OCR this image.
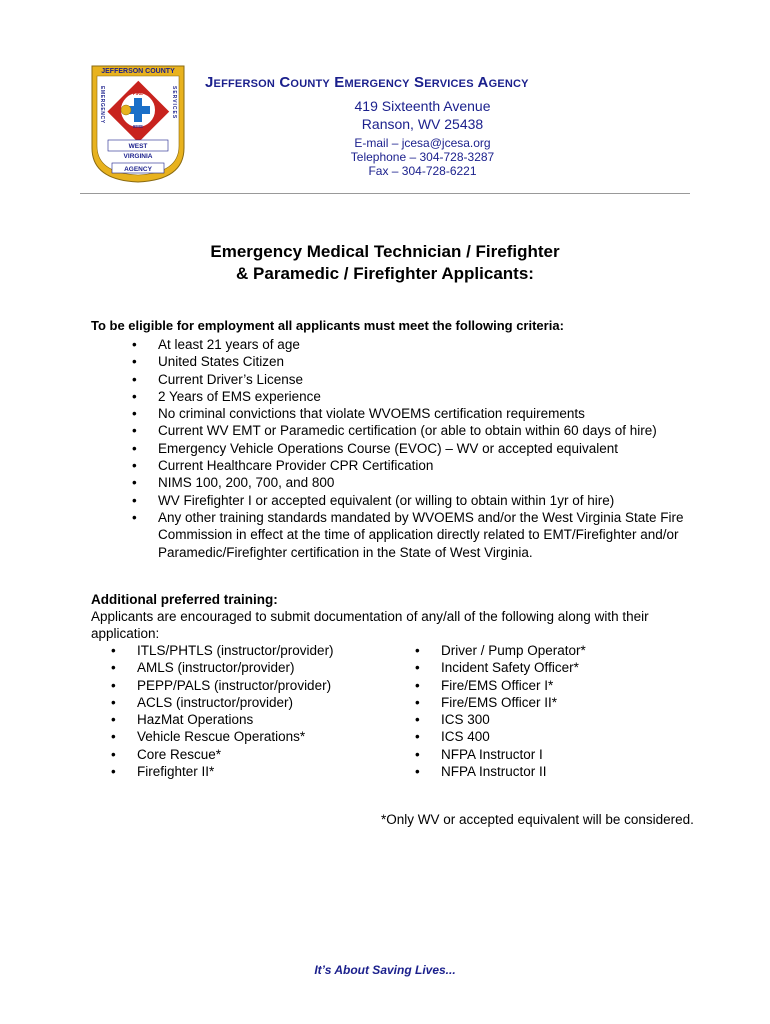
JEFFERSON COUNTY
FIRE
EMS
WEST
VIRGINIA
AGENCY
EMERGENCY	SERVICES
Jefferson County Emergency Services Agency
419 Sixteenth Avenue
Ranson, WV 25438
E-mail – jcesa@jcesa.org
Telephone – 304-728-3287
Fax – 304-728-6221
Emergency Medical Technician / Firefighter
& Paramedic / Firefighter Applicants:
To be eligible for employment all applicants must meet the following criteria:
• At least 21 years of age
• United States Citizen
• Current Driver’s License
• 2 Years of EMS experience
• No criminal convictions that violate WVOEMS certification requirements
• Current WV EMT or Paramedic certification (or able to obtain within 60 days of hire)
• Emergency Vehicle Operations Course (EVOC) – WV or accepted equivalent
• Current Healthcare Provider CPR Certification
• NIMS 100, 200, 700, and 800
• WV Firefighter I or accepted equivalent (or willing to obtain within 1yr of hire)
• Any other training standards mandated by WVOEMS and/or the West Virginia State Fire Commission in effect at the time of application directly related to EMT/Firefighter and/or Paramedic/Firefighter certification in the State of West Virginia.
Additional preferred training:
Applicants are encouraged to submit documentation of any/all of the following along with their application:
• ITLS/PHTLS (instructor/provider)
• AMLS (instructor/provider)
• PEPP/PALS (instructor/provider)
• ACLS (instructor/provider)
• HazMat Operations
• Vehicle Rescue Operations*
• Core Rescue*
• Firefighter II*
• Driver / Pump Operator*
• Incident Safety Officer*
• Fire/EMS Officer I*
• Fire/EMS Officer II*
• ICS 300
• ICS 400
• NFPA Instructor I
• NFPA Instructor II
*Only WV or accepted equivalent will be considered.
It’s About Saving Lives...
